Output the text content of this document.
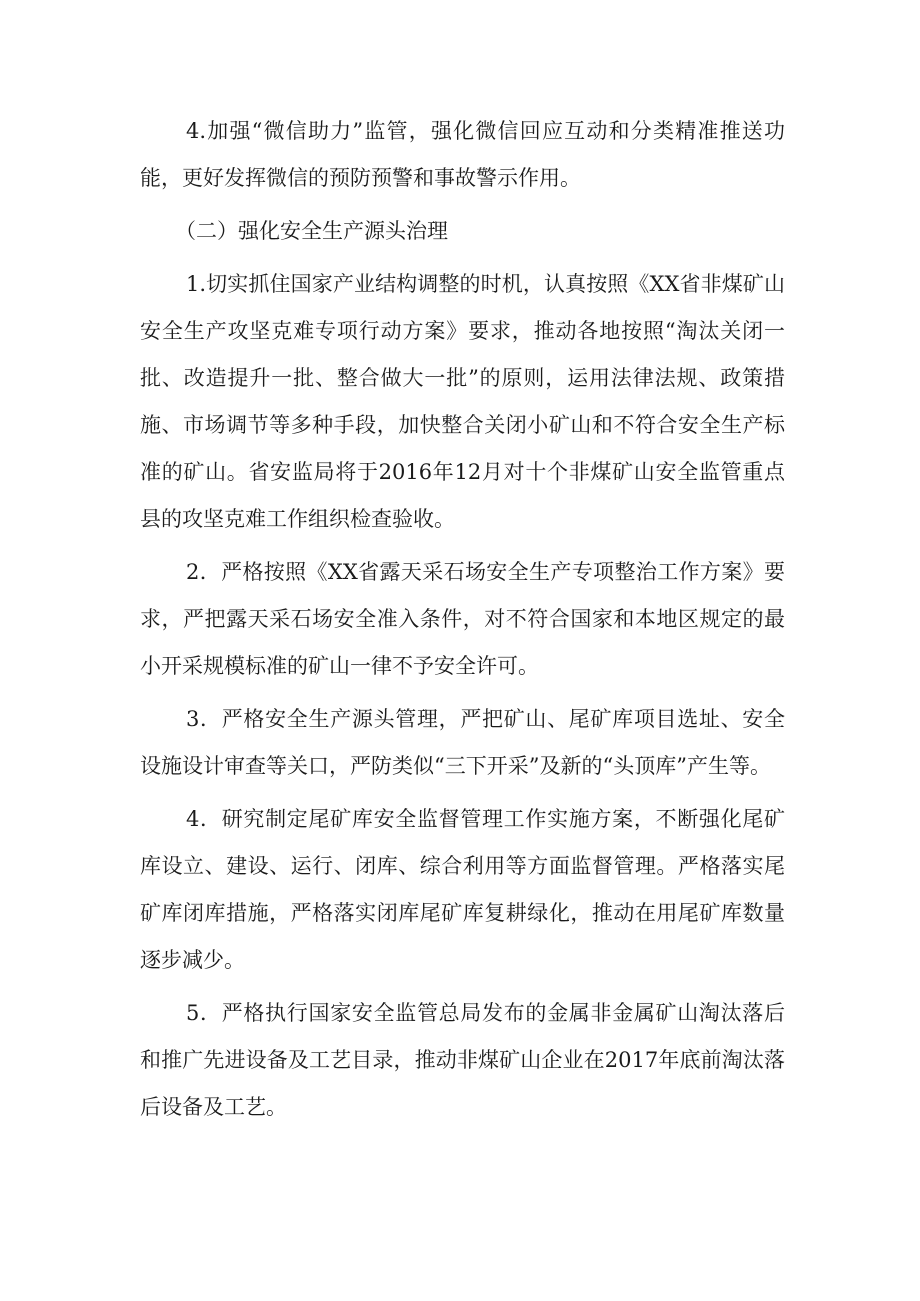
4.加强“微信助力”监管，强化微信回应互动和分类精准推送功能，更好发挥微信的预防预警和事故警示作用。

（二）强化安全生产源头治理

1.切实抓住国家产业结构调整的时机，认真按照《XX省非煤矿山安全生产攻坚克难专项行动方案》要求，推动各地按照“淘汰关闭一批、改造提升一批、整合做大一批”的原则，运用法律法规、政策措施、市场调节等多种手段，加快整合关闭小矿山和不符合安全生产标准的矿山。省安监局将于2016年12月对十个非煤矿山安全监管重点县的攻坚克难工作组织检查验收。

2．严格按照《XX省露天采石场安全生产专项整治工作方案》要求，严把露天采石场安全准入条件，对不符合国家和本地区规定的最小开采规模标准的矿山一律不予安全许可。

3．严格安全生产源头管理，严把矿山、尾矿库项目选址、安全设施设计审查等关口，严防类似“三下开采”及新的“头顶库”产生等。

4．研究制定尾矿库安全监督管理工作实施方案，不断强化尾矿库设立、建设、运行、闭库、综合利用等方面监督管理。严格落实尾矿库闭库措施，严格落实闭库尾矿库复耕绿化，推动在用尾矿库数量逐步减少。

5．严格执行国家安全监管总局发布的金属非金属矿山淘汰落后和推广先进设备及工艺目录，推动非煤矿山企业在2017年底前淘汰落后设备及工艺。
